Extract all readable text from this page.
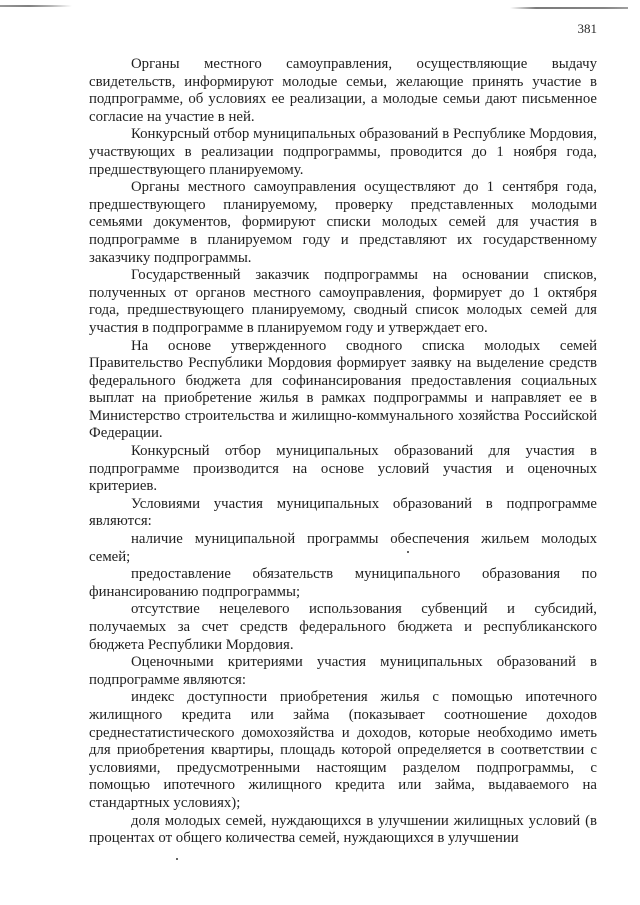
381

Органы местного самоуправления, осуществляющие выдачу свидетельств, информируют молодые семьи, желающие принять участие в подпрограмме, об условиях ее реализации, а молодые семьи дают письменное согласие на участие в ней.

Конкурсный отбор муниципальных образований в Республике Мордовия, участвующих в реализации подпрограммы, проводится до 1 ноября года, предшествующего планируемому.

Органы местного самоуправления осуществляют до 1 сентября года, предшествующего планируемому, проверку представленных молодыми семьями документов, формируют списки молодых семей для участия в подпрограмме в планируемом году и представляют их государственному заказчику подпрограммы.

Государственный заказчик подпрограммы на основании списков, полученных от органов местного самоуправления, формирует до 1 октября года, предшествующего планируемому, сводный список молодых семей для участия в подпрограмме в планируемом году и утверждает его.

На основе утвержденного сводного списка молодых семей Правительство Республики Мордовия формирует заявку на выделение средств федерального бюджета для софинансирования предоставления социальных выплат на приобретение жилья в рамках подпрограммы и направляет ее в Министерство строительства и жилищно-коммунального хозяйства Российской Федерации.

Конкурсный отбор муниципальных образований для участия в подпрограмме производится на основе условий участия и оценочных критериев.

Условиями участия муниципальных образований в подпрограмме являются:

наличие муниципальной программы обеспечения жильем молодых семей;

предоставление обязательств муниципального образования по финансированию подпрограммы;

отсутствие нецелевого использования субвенций и субсидий, получаемых за счет средств федерального бюджета и республиканского бюджета Республики Мордовия.

Оценочными критериями участия муниципальных образований в подпрограмме являются:

индекс доступности приобретения жилья с помощью ипотечного жилищного кредита или займа (показывает соотношение доходов среднестатистического домохозяйства и доходов, которые необходимо иметь для приобретения квартиры, площадь которой определяется в соответствии с условиями, предусмотренными настоящим разделом подпрограммы, с помощью ипотечного жилищного кредита или займа, выдаваемого на стандартных условиях);

доля молодых семей, нуждающихся в улучшении жилищных условий (в процентах от общего количества семей, нуждающихся в улучшении
